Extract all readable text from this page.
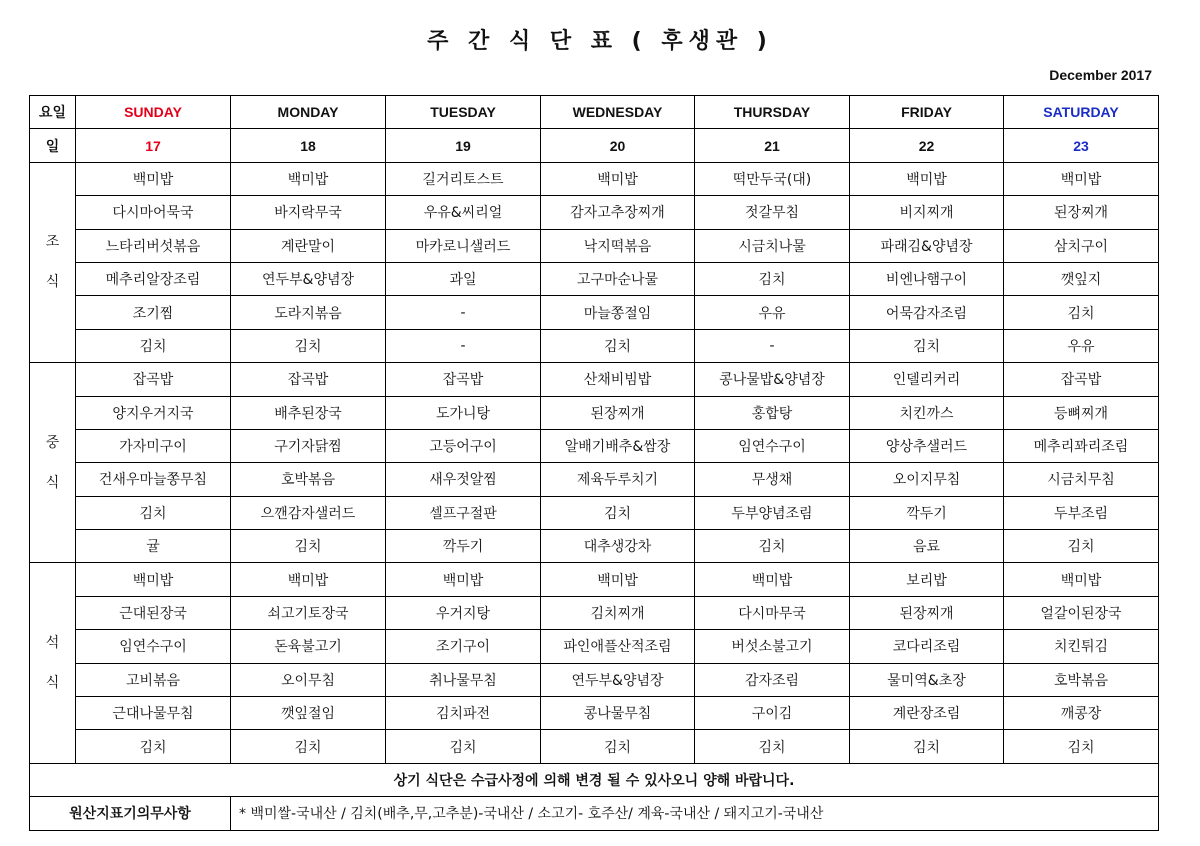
주 간 식 단 표 ( 후생관 )
December 2017
요일	SUNDAY	MONDAY	TUESDAY	WEDNESDAY	THURSDAY	FRIDAY	SATURDAY
일	17	18	19	20	21	22	23

조
식	백미밥	백미밥	길거리토스트	백미밥	떡만두국(대)	백미밥	백미밥
	다시마어묵국	바지락무국	우유&씨리얼	감자고추장찌개	젓갈무침	비지찌개	된장찌개
	느타리버섯볶음	계란말이	마카로니샐러드	낙지떡볶음	시금치나물	파래김&양념장	삼치구이
	메추리알장조림	연두부&양념장	과일	고구마순나물	김치	비엔나햄구이	깻잎지
	조기찜	도라지볶음	-	마늘쫑절임	우유	어묵감자조림	김치
	김치	김치	-	김치	-	김치	우유

중
식	잡곡밥	잡곡밥	잡곡밥	산채비빔밥	콩나물밥&양념장	인델리커리	잡곡밥
	양지우거지국	배추된장국	도가니탕	된장찌개	홍합탕	치킨까스	등뼈찌개
	가자미구이	구기자닭찜	고등어구이	알배기배추&쌈장	임연수구이	양상추샐러드	메추리꽈리조림
	건새우마늘쫑무침	호박볶음	새우젓알찜	제육두루치기	무생채	오이지무침	시금치무침
	김치	으깬감자샐러드	셀프구절판	김치	두부양념조림	깍두기	두부조림
	귤	김치	깍두기	대추생강차	김치	음료	김치

석
식	백미밥	백미밥	백미밥	백미밥	백미밥	보리밥	백미밥
	근대된장국	쇠고기토장국	우거지탕	김치찌개	다시마무국	된장찌개	얼갈이된장국
	임연수구이	돈육불고기	조기구이	파인애플산적조림	버섯소불고기	코다리조림	치킨튀김
	고비볶음	오이무침	취나물무침	연두부&양념장	감자조림	물미역&초장	호박볶음
	근대나물무침	깻잎절임	김치파전	콩나물무침	구이김	계란장조림	깨콩장
	김치	김치	김치	김치	김치	김치	김치
상기 식단은 수급사정에 의해 변경 될 수 있사오니 양해 바랍니다.							
원산지표기의무사항		* 백미쌀-국내산 / 김치(배추,무,고추분)-국내산 / 소고기- 호주산/ 계육-국내산 / 돼지고기-국내산					
